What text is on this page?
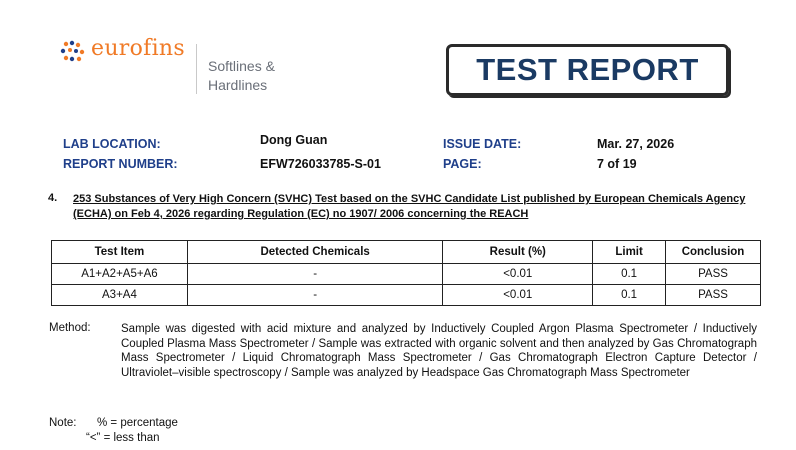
eurofins
Softlines &
Hardlines	TEST REPORT
LAB LOCATION:	Dong Guan	ISSUE DATE:	Mar. 27, 2026
REPORT NUMBER:	EFW726033785-S-01	PAGE:	7 of 19
4. 253 Substances of Very High Concern (SVHC) Test based on the SVHC Candidate List published by European Chemicals Agency (ECHA) on Feb 4, 2026 regarding Regulation (EC) no 1907/ 2006 concerning the REACH
Test Item	Detected Chemicals	Result (%)	Limit	Conclusion
A1+A2+A5+A6	-	<0.01	0.1	PASS
A3+A4	-	<0.01	0.1	PASS
Method:	Sample was digested with acid mixture and analyzed by Inductively Coupled Argon Plasma Spectrometer / Inductively Coupled Plasma Mass Spectrometer / Sample was extracted with organic solvent and then analyzed by Gas Chromatograph Mass Spectrometer / Liquid Chromatograph Mass Spectrometer / Gas Chromatograph Electron Capture Detector / Ultraviolet–visible spectroscopy / Sample was analyzed by Headspace Gas Chromatograph Mass Spectrometer
Note: % = percentage
“<” = less than
